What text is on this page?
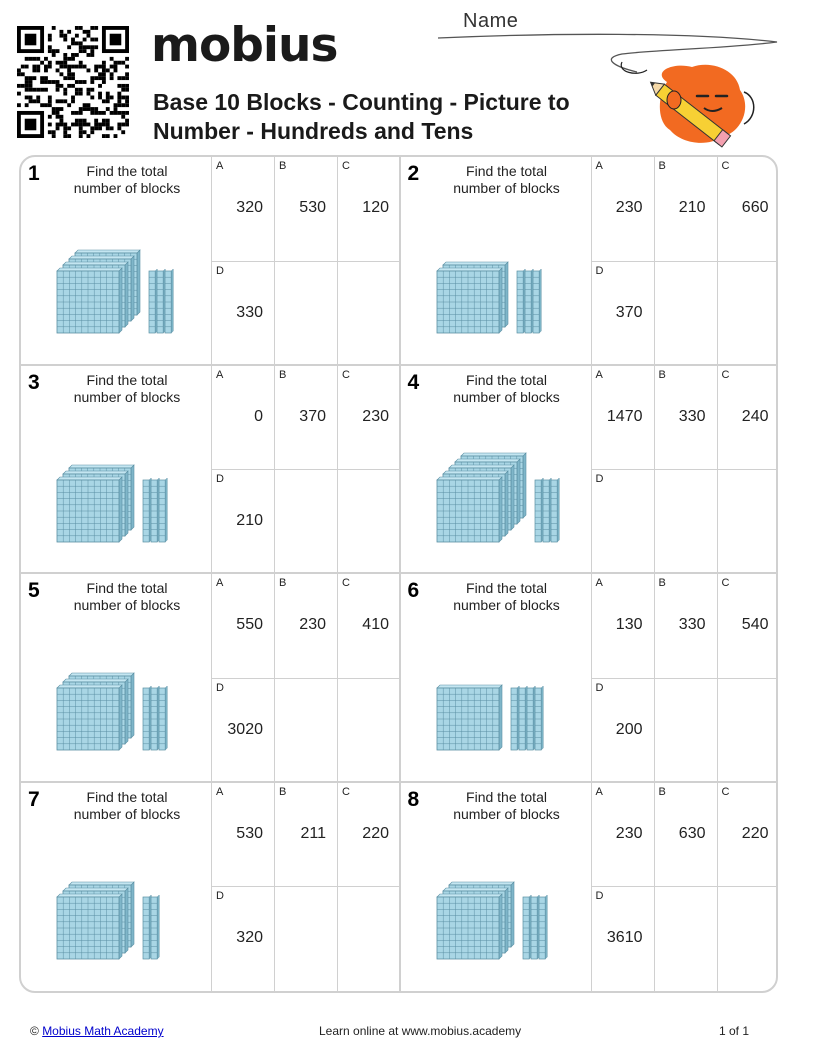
mobius
Base 10 Blocks - Counting - Picture to Number - Hundreds and Tens
Name
1	Find the total
number of blocks
A
320
B
530
C
120
D
330
2	Find the total
number of blocks
A
230
B
210
C
660
D
370
3	Find the total
number of blocks
A
0
B
370
C
230
D
210
4	Find the total
number of blocks
A
1470
B
330
C
240
D
5	Find the total
number of blocks
A
550
B
230
C
410
D
3020
6	Find the total
number of blocks
A
130
B
330
C
540
D
200
7	Find the total
number of blocks
A
530
B
211
C
220
D
320
8	Find the total
number of blocks
A
230
B
630
C
220
D
3610
© Mobius Math Academy	Learn online at www.mobius.academy	1 of 1
